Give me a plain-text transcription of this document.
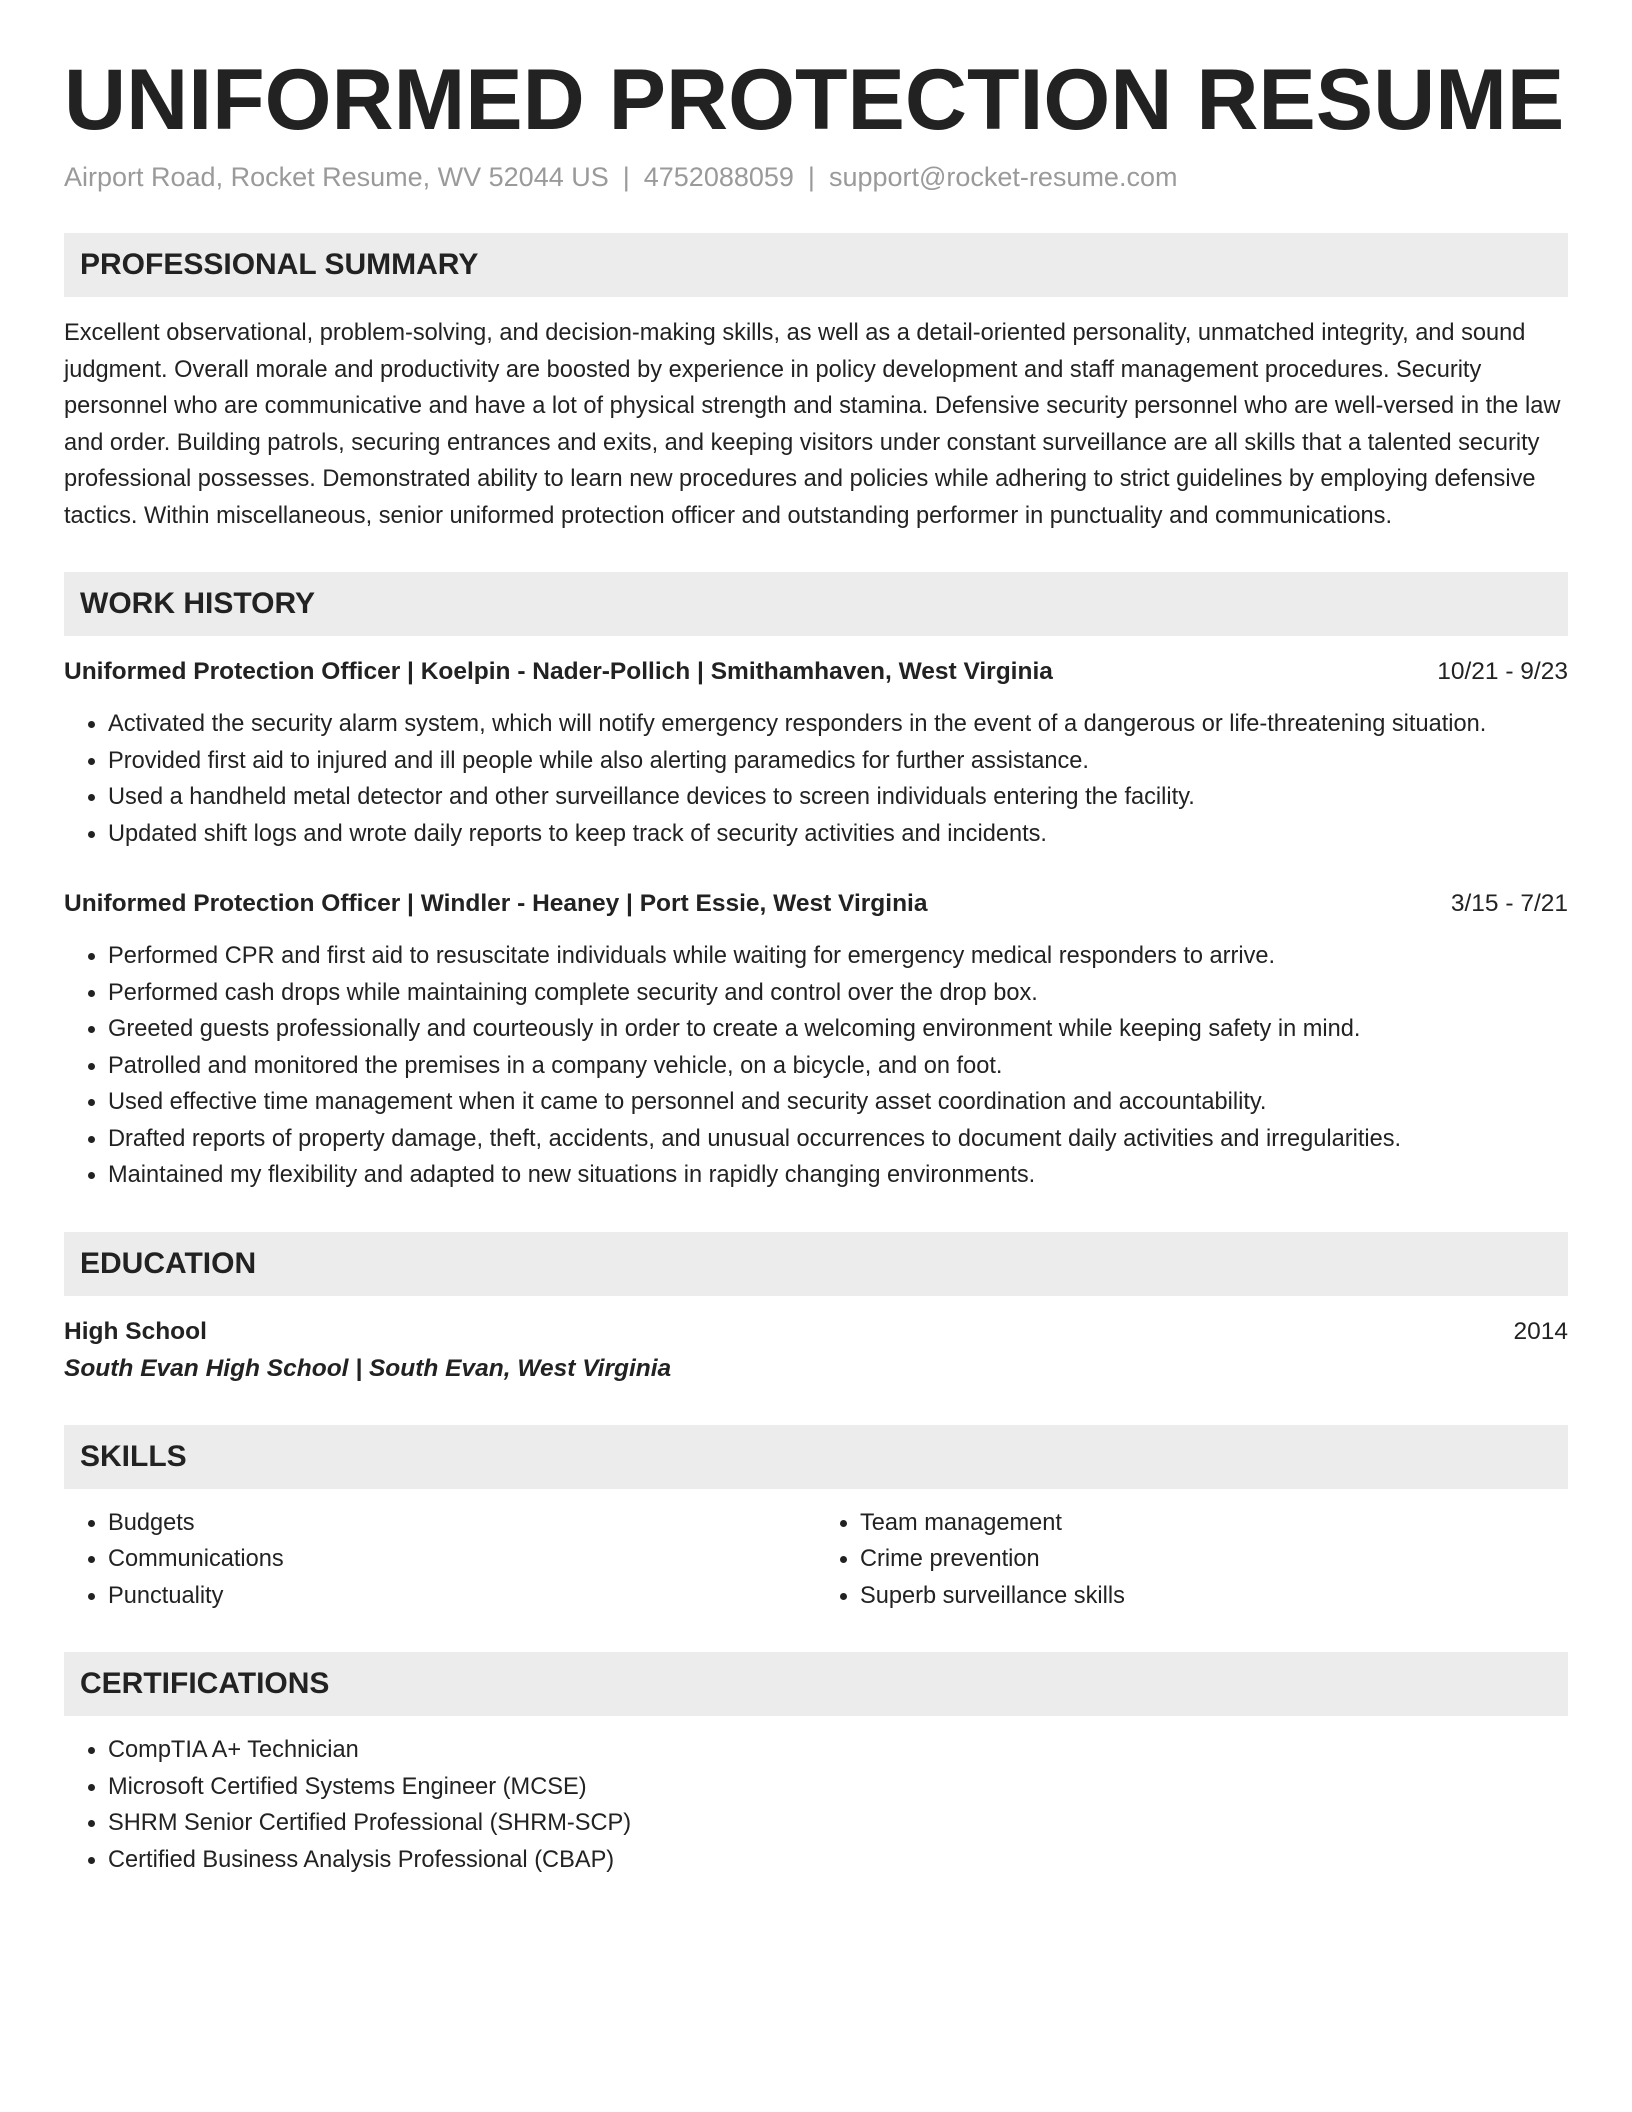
UNIFORMED PROTECTION RESUME
Airport Road, Rocket Resume, WV 52044 US | 4752088059 | support@rocket-resume.com
PROFESSIONAL SUMMARY
Excellent observational, problem-solving, and decision-making skills, as well as a detail-oriented personality, unmatched integrity, and sound judgment. Overall morale and productivity are boosted by experience in policy development and staff management procedures. Security personnel who are communicative and have a lot of physical strength and stamina. Defensive security personnel who are well-versed in the law and order. Building patrols, securing entrances and exits, and keeping visitors under constant surveillance are all skills that a talented security professional possesses. Demonstrated ability to learn new procedures and policies while adhering to strict guidelines by employing defensive tactics. Within miscellaneous, senior uniformed protection officer and outstanding performer in punctuality and communications.
WORK HISTORY
Uniformed Protection Officer | Koelpin - Nader-Pollich | Smithamhaven, West Virginia	10/21 - 9/23
• Activated the security alarm system, which will notify emergency responders in the event of a dangerous or life-threatening situation.
• Provided first aid to injured and ill people while also alerting paramedics for further assistance.
• Used a handheld metal detector and other surveillance devices to screen individuals entering the facility.
• Updated shift logs and wrote daily reports to keep track of security activities and incidents.
Uniformed Protection Officer | Windler - Heaney | Port Essie, West Virginia	3/15 - 7/21
• Performed CPR and first aid to resuscitate individuals while waiting for emergency medical responders to arrive.
• Performed cash drops while maintaining complete security and control over the drop box.
• Greeted guests professionally and courteously in order to create a welcoming environment while keeping safety in mind.
• Patrolled and monitored the premises in a company vehicle, on a bicycle, and on foot.
• Used effective time management when it came to personnel and security asset coordination and accountability.
• Drafted reports of property damage, theft, accidents, and unusual occurrences to document daily activities and irregularities.
• Maintained my flexibility and adapted to new situations in rapidly changing environments.
EDUCATION
High School	2014
South Evan High School | South Evan, West Virginia
SKILLS
• Budgets
• Communications
• Punctuality
• Team management
• Crime prevention
• Superb surveillance skills
CERTIFICATIONS
• CompTIA A+ Technician
• Microsoft Certified Systems Engineer (MCSE)
• SHRM Senior Certified Professional (SHRM-SCP)
• Certified Business Analysis Professional (CBAP)
